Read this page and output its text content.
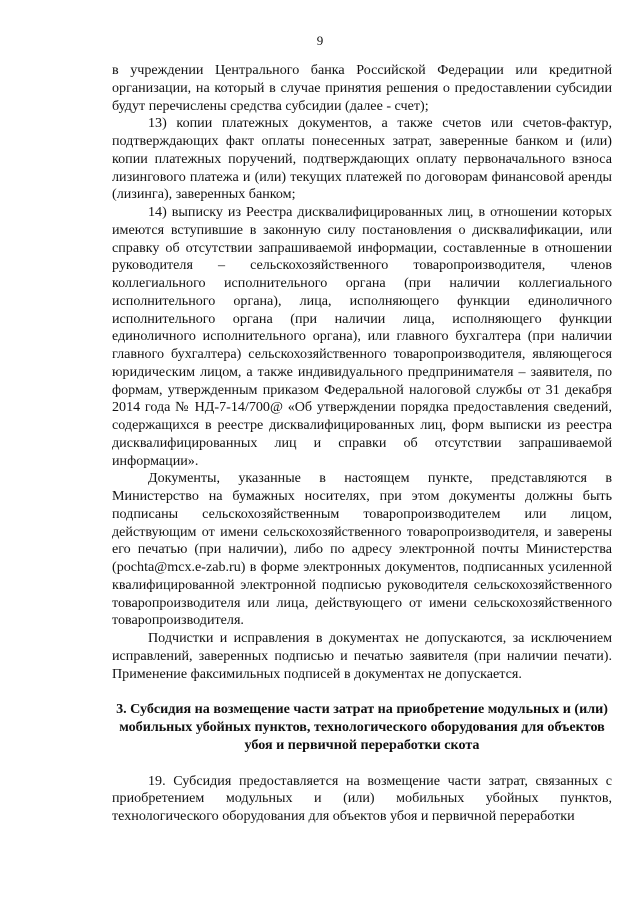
9

в учреждении Центрального банка Российской Федерации или кредитной организации, на который в случае принятия решения о предоставлении субсидии будут перечислены средства субсидии (далее - счет);

13) копии платежных документов, а также счетов или счетов-фактур, подтверждающих факт оплаты понесенных затрат, заверенные банком и (или) копии платежных поручений, подтверждающих оплату первоначального взноса лизингового платежа и (или) текущих платежей по договорам финансовой аренды (лизинга), заверенных банком;

14) выписку из Реестра дисквалифицированных лиц, в отношении которых имеются вступившие в законную силу постановления о дисквалификации, или справку об отсутствии запрашиваемой информации, составленные в отношении руководителя – сельскохозяйственного товаропроизводителя, членов коллегиального исполнительного органа (при наличии коллегиального исполнительного органа), лица, исполняющего функции единоличного исполнительного органа (при наличии лица, исполняющего функции единоличного исполнительного органа), или главного бухгалтера (при наличии главного бухгалтера) сельскохозяйственного товаропроизводителя, являющегося юридическим лицом, а также индивидуального предпринимателя – заявителя, по формам, утвержденным приказом Федеральной налоговой службы от 31 декабря 2014 года № НД-7-14/700@ «Об утверждении порядка предоставления сведений, содержащихся в реестре дисквалифицированных лиц, форм выписки из реестра дисквалифицированных лиц и справки об отсутствии запрашиваемой информации».

Документы, указанные в настоящем пункте, представляются в Министерство на бумажных носителях, при этом документы должны быть подписаны сельскохозяйственным товаропроизводителем или лицом, действующим от имени сельскохозяйственного товаропроизводителя, и заверены его печатью (при наличии), либо по адресу электронной почты Министерства (pochta@mcx.e-zab.ru) в форме электронных документов, подписанных усиленной квалифицированной электронной подписью руководителя сельскохозяйственного товаропроизводителя или лица, действующего от имени сельскохозяйственного товаропроизводителя.

Подчистки и исправления в документах не допускаются, за исключением исправлений, заверенных подписью и печатью заявителя (при наличии печати). Применение факсимильных подписей в документах не допускается.

3. Субсидия на возмещение части затрат на приобретение модульных и (или) мобильных убойных пунктов, технологического оборудования для объектов убоя и первичной переработки скота

19. Субсидия предоставляется на возмещение части затрат, связанных с приобретением модульных и (или) мобильных убойных пунктов, технологического оборудования для объектов убоя и первичной переработки
